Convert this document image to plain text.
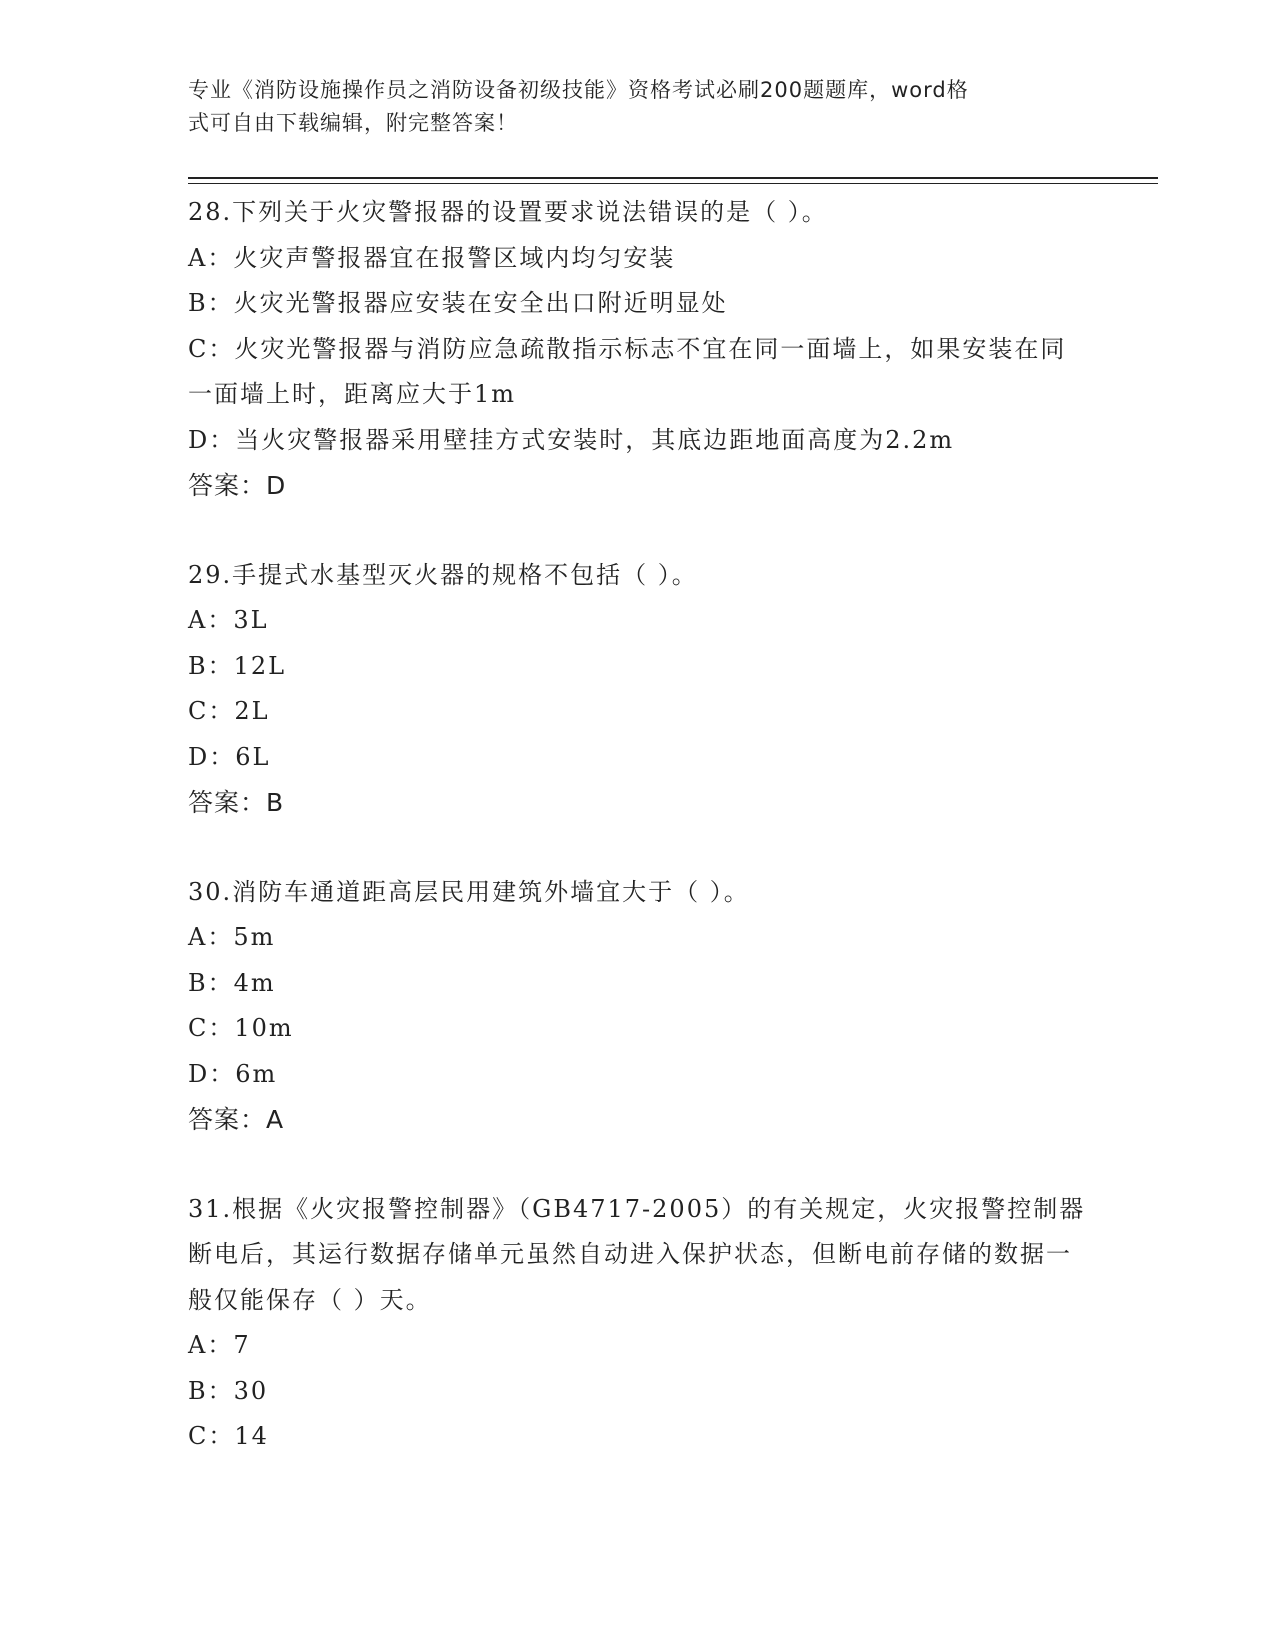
专业《消防设施操作员之消防设备初级技能》资格考试必刷200题题库，word格
式可自由下载编辑，附完整答案！
28.下列关于火灾警报器的设置要求说法错误的是（ ）。
A：火灾声警报器宜在报警区域内均匀安装
B：火灾光警报器应安装在安全出口附近明显处
C：火灾光警报器与消防应急疏散指示标志不宜在同一面墙上，如果安装在同一面墙上时，距离应大于1m
D：当火灾警报器采用壁挂方式安装时，其底边距地面高度为2.2m
答案：D
29.手提式水基型灭火器的规格不包括（ ）。
A：3L
B：12L
C：2L
D：6L
答案：B
30.消防车通道距高层民用建筑外墙宜大于（ ）。
A：5m
B：4m
C：10m
D：6m
答案：A
31.根据《火灾报警控制器》（GB4717-2005）的有关规定，火灾报警控制器断电后，其运行数据存储单元虽然自动进入保护状态，但断电前存储的数据一般仅能保存（ ）天。
A：7
B：30
C：14
